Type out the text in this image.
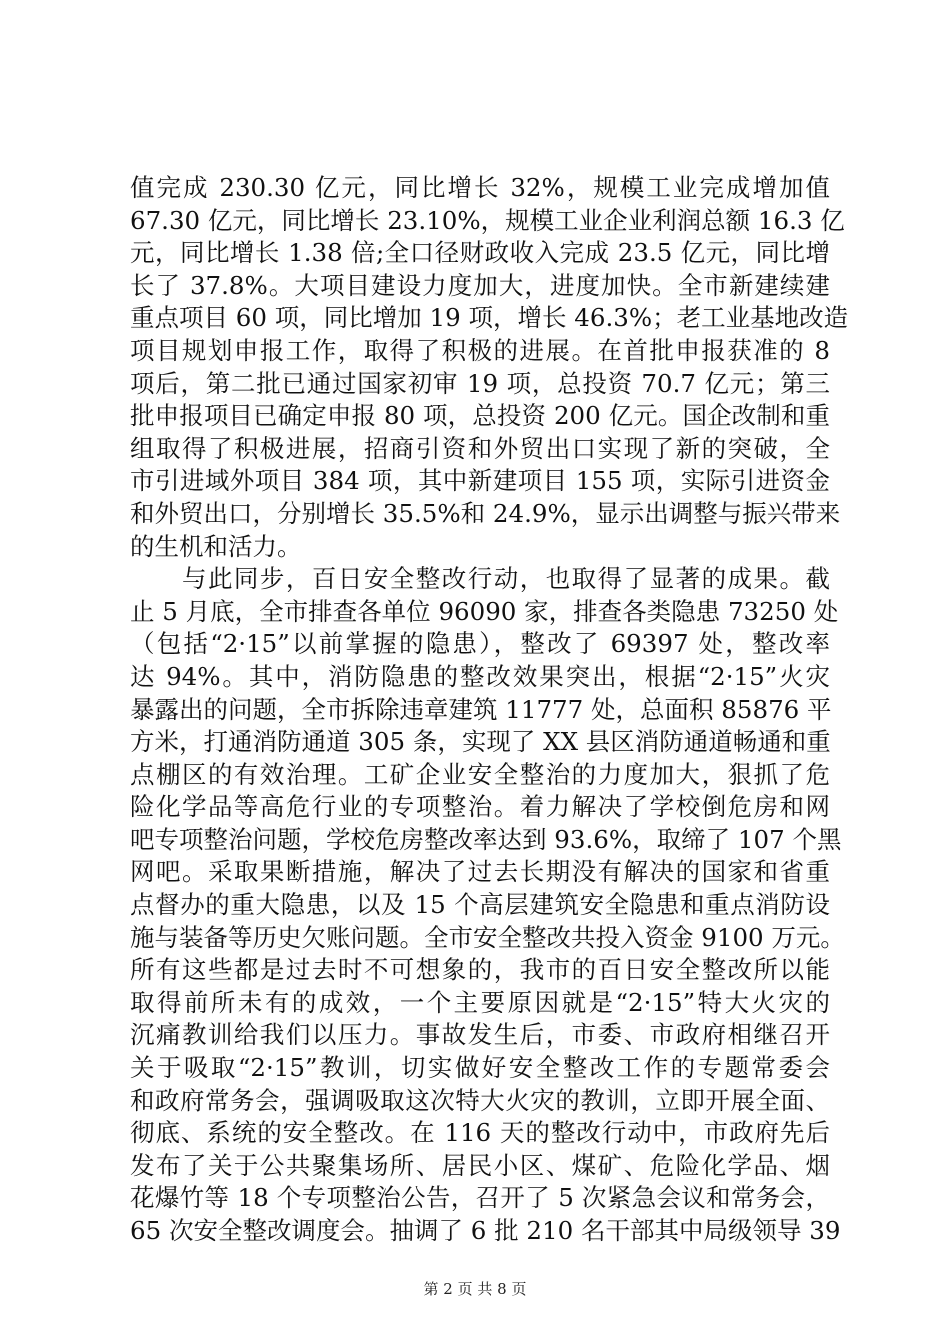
值完成 230.30 亿元，同比增长 32%，规模工业完成增加值
67.30 亿元，同比增长 23.10%，规模工业企业利润总额 16.3 亿
元，同比增长 1.38 倍;全口径财政收入完成 23.5 亿元，同比增
长了 37.8%。大项目建设力度加大，进度加快。全市新建续建
重点项目 60 项，同比增加 19 项，增长 46.3%；老工业基地改造
项目规划申报工作，取得了积极的进展。在首批申报获准的 8
项后，第二批已通过国家初审 19 项，总投资 70.7 亿元；第三
批申报项目已确定申报 80 项，总投资 200 亿元。国企改制和重
组取得了积极进展，招商引资和外贸出口实现了新的突破，全
市引进域外项目 384 项，其中新建项目 155 项，实际引进资金
和外贸出口，分别增长 35.5%和 24.9%，显示出调整与振兴带来
的生机和活力。
　　与此同步，百日安全整改行动，也取得了显著的成果。截
止 5 月底，全市排查各单位 96090 家，排查各类隐患 73250 处
（包括“2·15”以前掌握的隐患），整改了 69397 处，整改率
达 94%。其中，消防隐患的整改效果突出，根据“2·15”火灾
暴露出的问题，全市拆除违章建筑 11777 处，总面积 85876 平
方米，打通消防通道 305 条，实现了 XX 县区消防通道畅通和重
点棚区的有效治理。工矿企业安全整治的力度加大，狠抓了危
险化学品等高危行业的专项整治。着力解决了学校倒危房和网
吧专项整治问题，学校危房整改率达到 93.6%，取缔了 107 个黑
网吧。采取果断措施，解决了过去长期没有解决的国家和省重
点督办的重大隐患，以及 15 个高层建筑安全隐患和重点消防设
施与装备等历史欠账问题。全市安全整改共投入资金 9100 万元。
所有这些都是过去时不可想象的，我市的百日安全整改所以能
取得前所未有的成效，一个主要原因就是“2·15”特大火灾的
沉痛教训给我们以压力。事故发生后，市委、市政府相继召开
关于吸取“2·15”教训，切实做好安全整改工作的专题常委会
和政府常务会，强调吸取这次特大火灾的教训，立即开展全面、
彻底、系统的安全整改。在 116 天的整改行动中，市政府先后
发布了关于公共聚集场所、居民小区、煤矿、危险化学品、烟
花爆竹等 18 个专项整治公告，召开了 5 次紧急会议和常务会，
65 次安全整改调度会。抽调了 6 批 210 名干部其中局级领导 39
第 2 页 共 8 页
